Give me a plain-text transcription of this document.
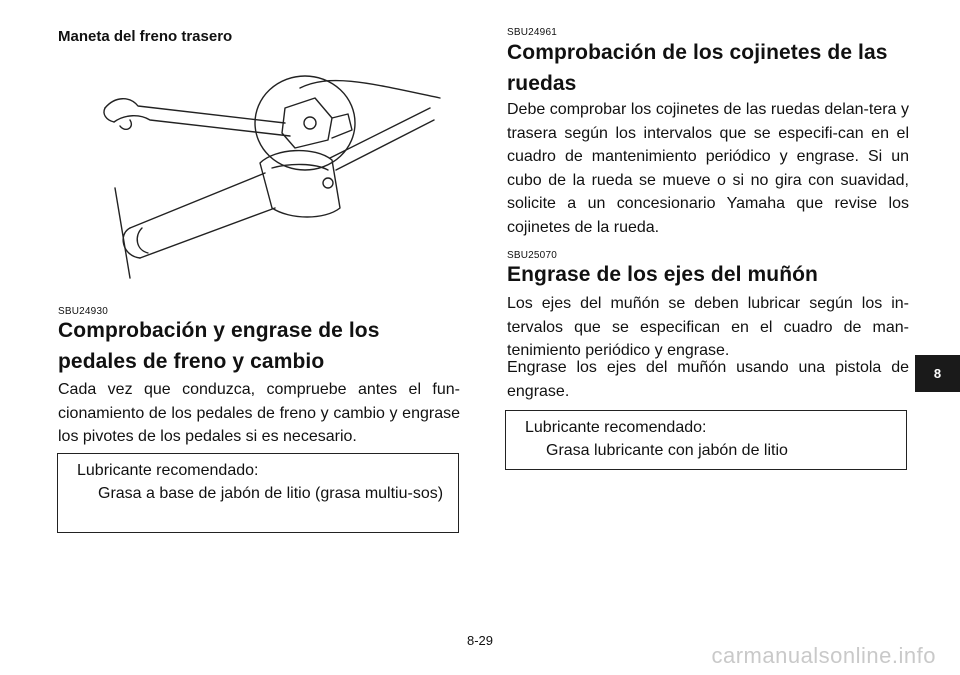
Maneta del freno trasero
SBU24930
Comprobación y engrase de los
pedales de freno y cambio
Cada vez que conduzca, compruebe antes el fun-cionamiento de los pedales de freno y cambio y engrase los pivotes de los pedales si es necesario.
Lubricante recomendado:
Grasa a base de jabón de litio (grasa multiu-sos)
SBU24961
Comprobación de los cojinetes de las
ruedas
Debe comprobar los cojinetes de las ruedas delan-tera y trasera según los intervalos que se especifi-can en el cuadro de mantenimiento periódico y engrase. Si un cubo de la rueda se mueve o si no gira con suavidad, solicite a un concesionario Yamaha que revise los cojinetes de la rueda.
SBU25070
Engrase de los ejes del muñón
Los ejes del muñón se deben lubricar según los in-tervalos que se especifican en el cuadro de man-tenimiento periódico y engrase.
Engrase los ejes del muñón usando una pistola de engrase.
Lubricante recomendado:
Grasa lubricante con jabón de litio
8
8-29
carmanualsonline.info
